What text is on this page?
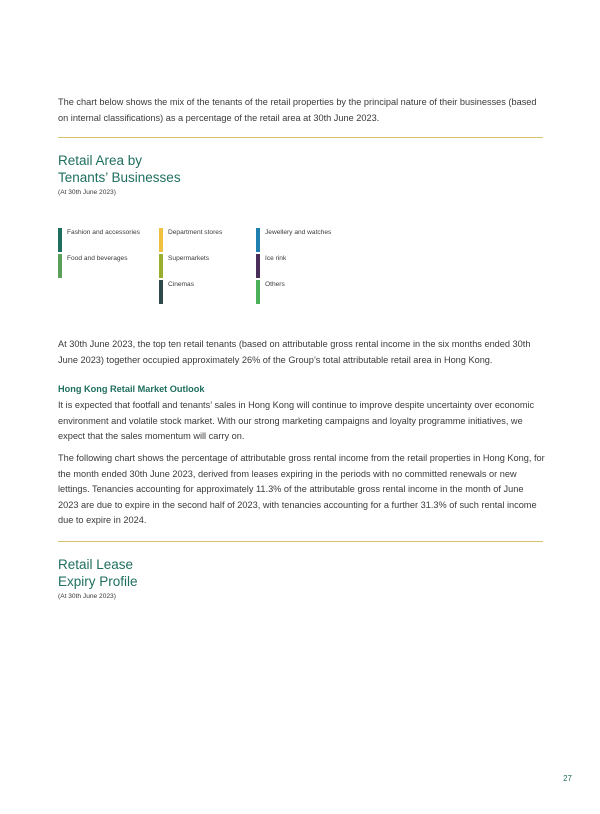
The chart below shows the mix of the tenants of the retail properties by the principal nature of their businesses (based on internal classifications) as a percentage of the retail area at 30th June 2023.

Retail Area by
Tenants’ Businesses

(At 30th June 2023)

Fashion and accessories	Department stores	Jewellery and watches
Food and beverages	Supermarkets	Ice rink
Cinemas	Others

At 30th June 2023, the top ten retail tenants (based on attributable gross rental income in the six months ended 30th June 2023) together occupied approximately 26% of the Group’s total attributable retail area in Hong Kong.

Hong Kong Retail Market Outlook

It is expected that footfall and tenants’ sales in Hong Kong will continue to improve despite uncertainty over economic environment and volatile stock market. With our strong marketing campaigns and loyalty programme initiatives, we expect that the sales momentum will carry on.

The following chart shows the percentage of attributable gross rental income from the retail properties in Hong Kong, for the month ended 30th June 2023, derived from leases expiring in the periods with no committed renewals or new lettings. Tenancies accounting for approximately 11.3% of the attributable gross rental income in the month of June 2023 are due to expire in the second half of 2023, with tenancies accounting for a further 31.3% of such rental income due to expire in 2024.

Retail Lease
Expiry Profile

(At 30th June 2023)

27
